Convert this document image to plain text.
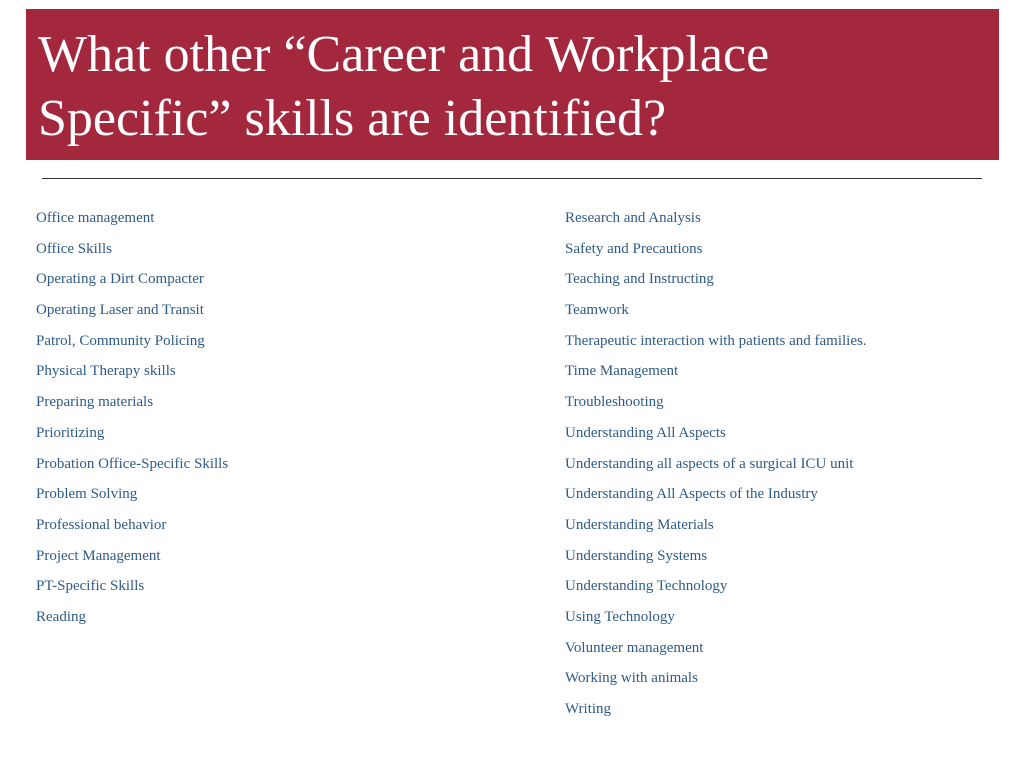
What other “Career and Workplace
Specific” skills are identified?
Office management
Office Skills
Operating a Dirt Compacter
Operating Laser and Transit
Patrol, Community Policing
Physical Therapy skills
Preparing materials
Prioritizing
Probation Office-Specific Skills
Problem Solving
Professional behavior
Project Management
PT-Specific Skills
Reading
Research and Analysis
Safety and Precautions
Teaching and Instructing
Teamwork
Therapeutic interaction with patients and families.
Time Management
Troubleshooting
Understanding All Aspects
Understanding all aspects of a surgical ICU unit
Understanding All Aspects of the Industry
Understanding Materials
Understanding Systems
Understanding Technology
Using Technology
Volunteer management
Working with animals
Writing
